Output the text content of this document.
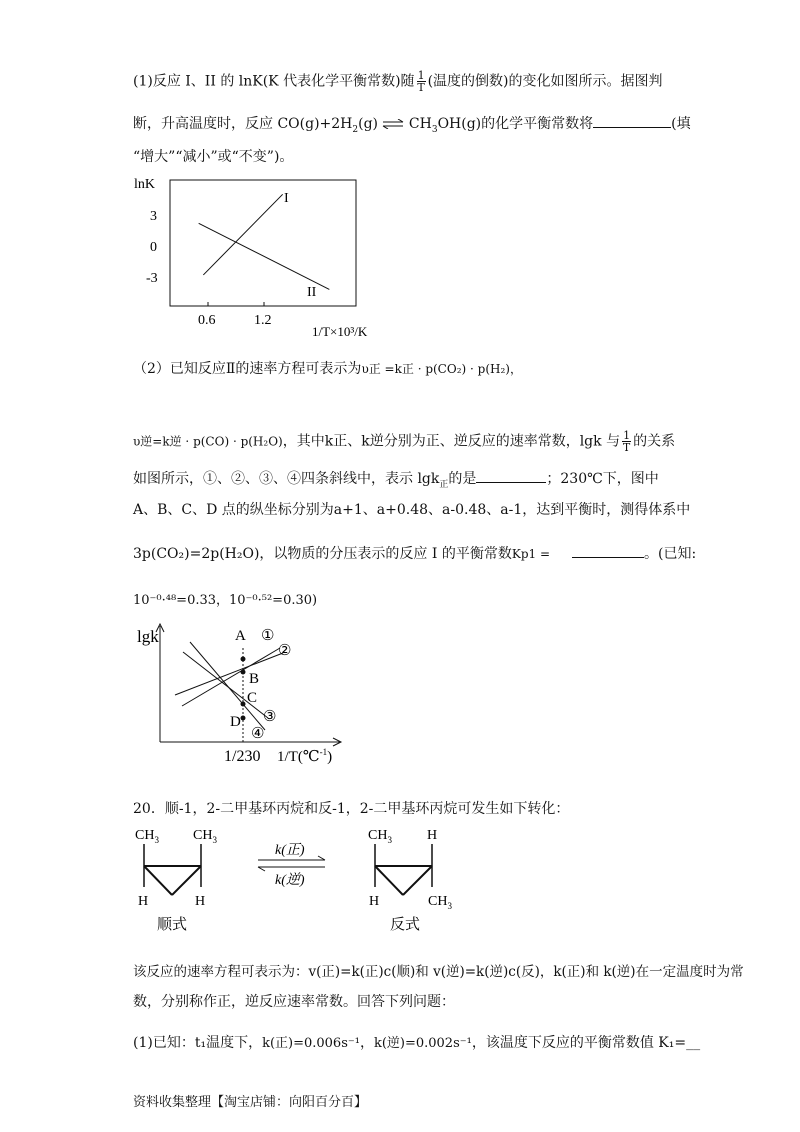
(1)反应 I、II 的 lnK(K 代表化学平衡常数)随 $\frac{1}{T}$ (温度的倒数)的变化如图所示。据图判
断，升高温度时，反应 $CO(g)+2H_2(g)$ ⇌ $CH_3OH(g)$的化学平衡常数将	(填
“增大”“减小”或“不变”)。
lnK
3
0
-3
0.6	1.2
1/T×10³/K
I
II
（2）已知反应Ⅱ的速率方程可表示为υ正 =k正 · p(CO₂) · p(H₂)，
υ逆=k逆 · p(CO) · p(H₂O)，其中k正、k逆分别为正、逆反应的速率常数，lgk 与 $\frac{1}{T}$ 的关系
如图所示，①、②、③、④四条斜线中，表示 lgk$_正$的是	；230℃下，图中
A、B、C、D 点的纵坐标分别为a+1、a+0.48、a-0.48、a-1，达到平衡时，测得体系中
3p(CO₂)=2p(H₂O)，以物质的分压表示的反应 I 的平衡常数Kp1 =	。(已知:
10⁻⁰·⁴⁸=0.33，10⁻⁰·⁵²=0.30)
lgk	A
B
C
D
①
②
③
④
1/230 1/T(℃$^{-1}$)
20．顺-1，2-二甲基环丙烷和反-1，2-二甲基环丙烷可发生如下转化：
$CH_3$ $CH_3$
H	H
顺式
k(正)
k(逆)
$CH_3$	H
H	$CH_3$
反式
该反应的速率方程可表示为：v(正)=k(正)c(顺)和 v(逆)=k(逆)c(反)，k(正)和 k(逆)在一定温度时为常
数，分别称作正，逆反应速率常数。回答下列问题：
(1)已知：t₁温度下，k(正)=0.006s⁻¹，k(逆)=0.002s⁻¹，该温度下反应的平衡常数值 K₁=__
资料收集整理【淘宝店铺：向阳百分百】
